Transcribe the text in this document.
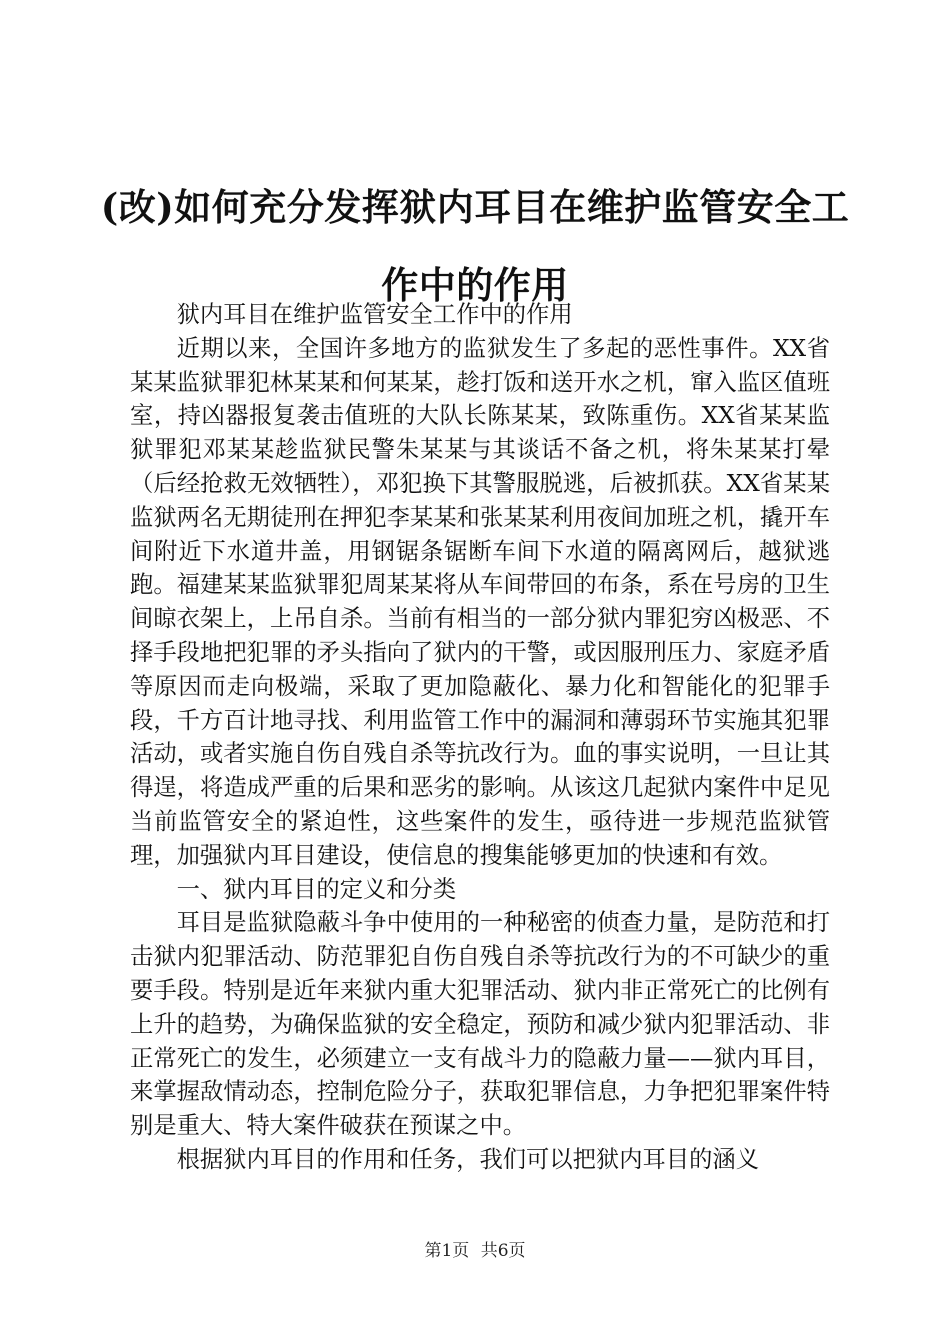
(改)如何充分发挥狱内耳目在维护监管安全工作中的作用

狱内耳目在维护监管安全工作中的作用

近期以来，全国许多地方的监狱发生了多起的恶性事件。XX省某某监狱罪犯林某某和何某某，趁打饭和送开水之机，窜入监区值班室，持凶器报复袭击值班的大队长陈某某，致陈重伤。XX省某某监狱罪犯邓某某趁监狱民警朱某某与其谈话不备之机，将朱某某打晕（后经抢救无效牺牲），邓犯换下其警服脱逃，后被抓获。XX省某某监狱两名无期徒刑在押犯李某某和张某某利用夜间加班之机，撬开车间附近下水道井盖，用钢锯条锯断车间下水道的隔离网后，越狱逃跑。福建某某监狱罪犯周某某将从车间带回的布条，系在号房的卫生间晾衣架上，上吊自杀。当前有相当的一部分狱内罪犯穷凶极恶、不择手段地把犯罪的矛头指向了狱内的干警，或因服刑压力、家庭矛盾等原因而走向极端，采取了更加隐蔽化、暴力化和智能化的犯罪手段，千方百计地寻找、利用监管工作中的漏洞和薄弱环节实施其犯罪活动，或者实施自伤自残自杀等抗改行为。血的事实说明，一旦让其得逞，将造成严重的后果和恶劣的影响。从该这几起狱内案件中足见当前监管安全的紧迫性，这些案件的发生，亟待进一步规范监狱管理，加强狱内耳目建设，使信息的搜集能够更加的快速和有效。

一、狱内耳目的定义和分类

耳目是监狱隐蔽斗争中使用的一种秘密的侦查力量，是防范和打击狱内犯罪活动、防范罪犯自伤自残自杀等抗改行为的不可缺少的重要手段。特别是近年来狱内重大犯罪活动、狱内非正常死亡的比例有上升的趋势，为确保监狱的安全稳定，预防和减少狱内犯罪活动、非正常死亡的发生，必须建立一支有战斗力的隐蔽力量——狱内耳目，来掌握敌情动态，控制危险分子，获取犯罪信息，力争把犯罪案件特别是重大、特大案件破获在预谋之中。

根据狱内耳目的作用和任务，我们可以把狱内耳目的涵义

第1页 共6页
